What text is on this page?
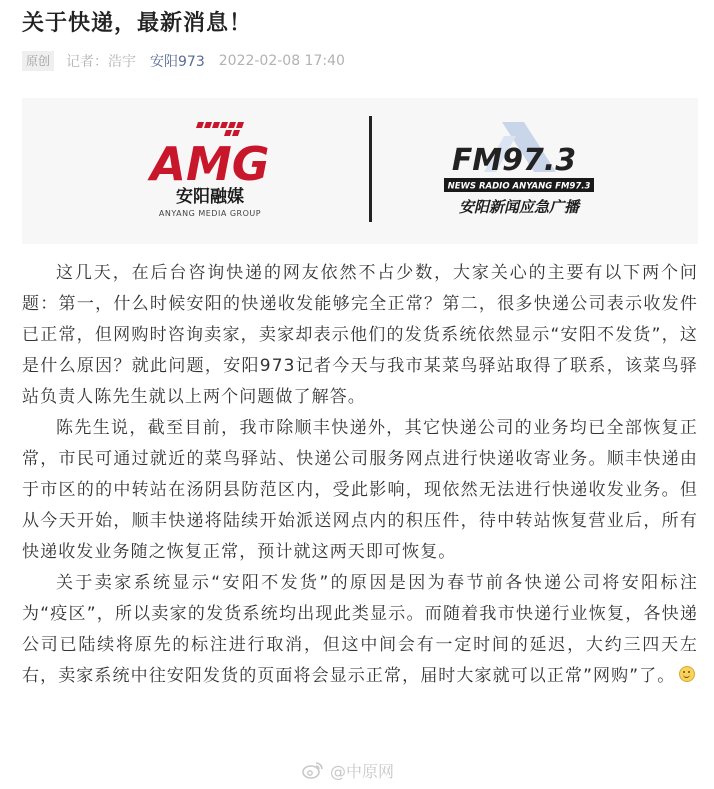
关于快递，最新消息！
原创 记者：浩宇 安阳973 2022-02-08 17:40
AMG
安阳融媒
ANYANG MEDIA GROUP
FM97.3
NEWS RADIO ANYANG FM97.3
安阳新闻应急广播

这几天，在后台咨询快递的网友依然不占少数，大家关心的主要有以下两个问题：第一，什么时候安阳的快递收发能够完全正常？第二，很多快递公司表示收发件已正常，但网购时咨询卖家，卖家却表示他们的发货系统依然显示“安阳不发货”，这是什么原因？就此问题，安阳973记者今天与我市某菜鸟驿站取得了联系，该菜鸟驿站负责人陈先生就以上两个问题做了解答。

陈先生说，截至目前，我市除顺丰快递外，其它快递公司的业务均已全部恢复正常，市民可通过就近的菜鸟驿站、快递公司服务网点进行快递收寄业务。顺丰快递由于市区的的中转站在汤阴县防范区内，受此影响，现依然无法进行快递收发业务。但从今天开始，顺丰快递将陆续开始派送网点内的积压件，待中转站恢复营业后，所有快递收发业务随之恢复正常，预计就这两天即可恢复。

关于卖家系统显示“安阳不发货”的原因是因为春节前各快递公司将安阳标注为“疫区”，所以卖家的发货系统均出现此类显示。而随着我市快递行业恢复，各快递公司已陆续将原先的标注进行取消，但这中间会有一定时间的延迟，大约三四天左右，卖家系统中往安阳发货的页面将会显示正常，届时大家就可以正常”网购”了。

@中原网
